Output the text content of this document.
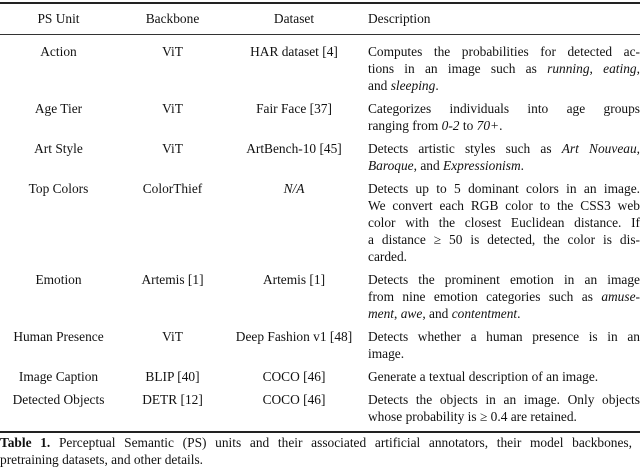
PS Unit	Backbone	Dataset	Description
Action	ViT	HAR dataset [4]	Computes the probabilities for detected ac-
tions in an image such as running, eating,
and sleeping.
Age Tier	ViT	Fair Face [37]	Categorizes individuals into age groups
ranging from 0-2 to 70+.
Art Style	ViT	ArtBench-10 [45]	Detects artistic styles such as Art Nouveau,
Baroque, and Expressionism.
Top Colors	ColorThief	N/A	Detects up to 5 dominant colors in an image.
We convert each RGB color to the CSS3 web
color with the closest Euclidean distance. If
a distance ≥ 50 is detected, the color is dis-
carded.
Emotion	Artemis [1]	Artemis [1]	Detects the prominent emotion in an image
from nine emotion categories such as amuse-
ment, awe, and contentment.
Human Presence	ViT	Deep Fashion v1 [48]	Detects whether a human presence is in an
image.
Image Caption	BLIP [40]	COCO [46]	Generate a textual description of an image.
Detected Objects	DETR [12]	COCO [46]	Detects the objects in an image. Only objects
whose probability is ≥ 0.4 are retained.
Table 1. Perceptual Semantic (PS) units and their associated artificial annotators, their model backbones,
pretraining datasets, and other details.
